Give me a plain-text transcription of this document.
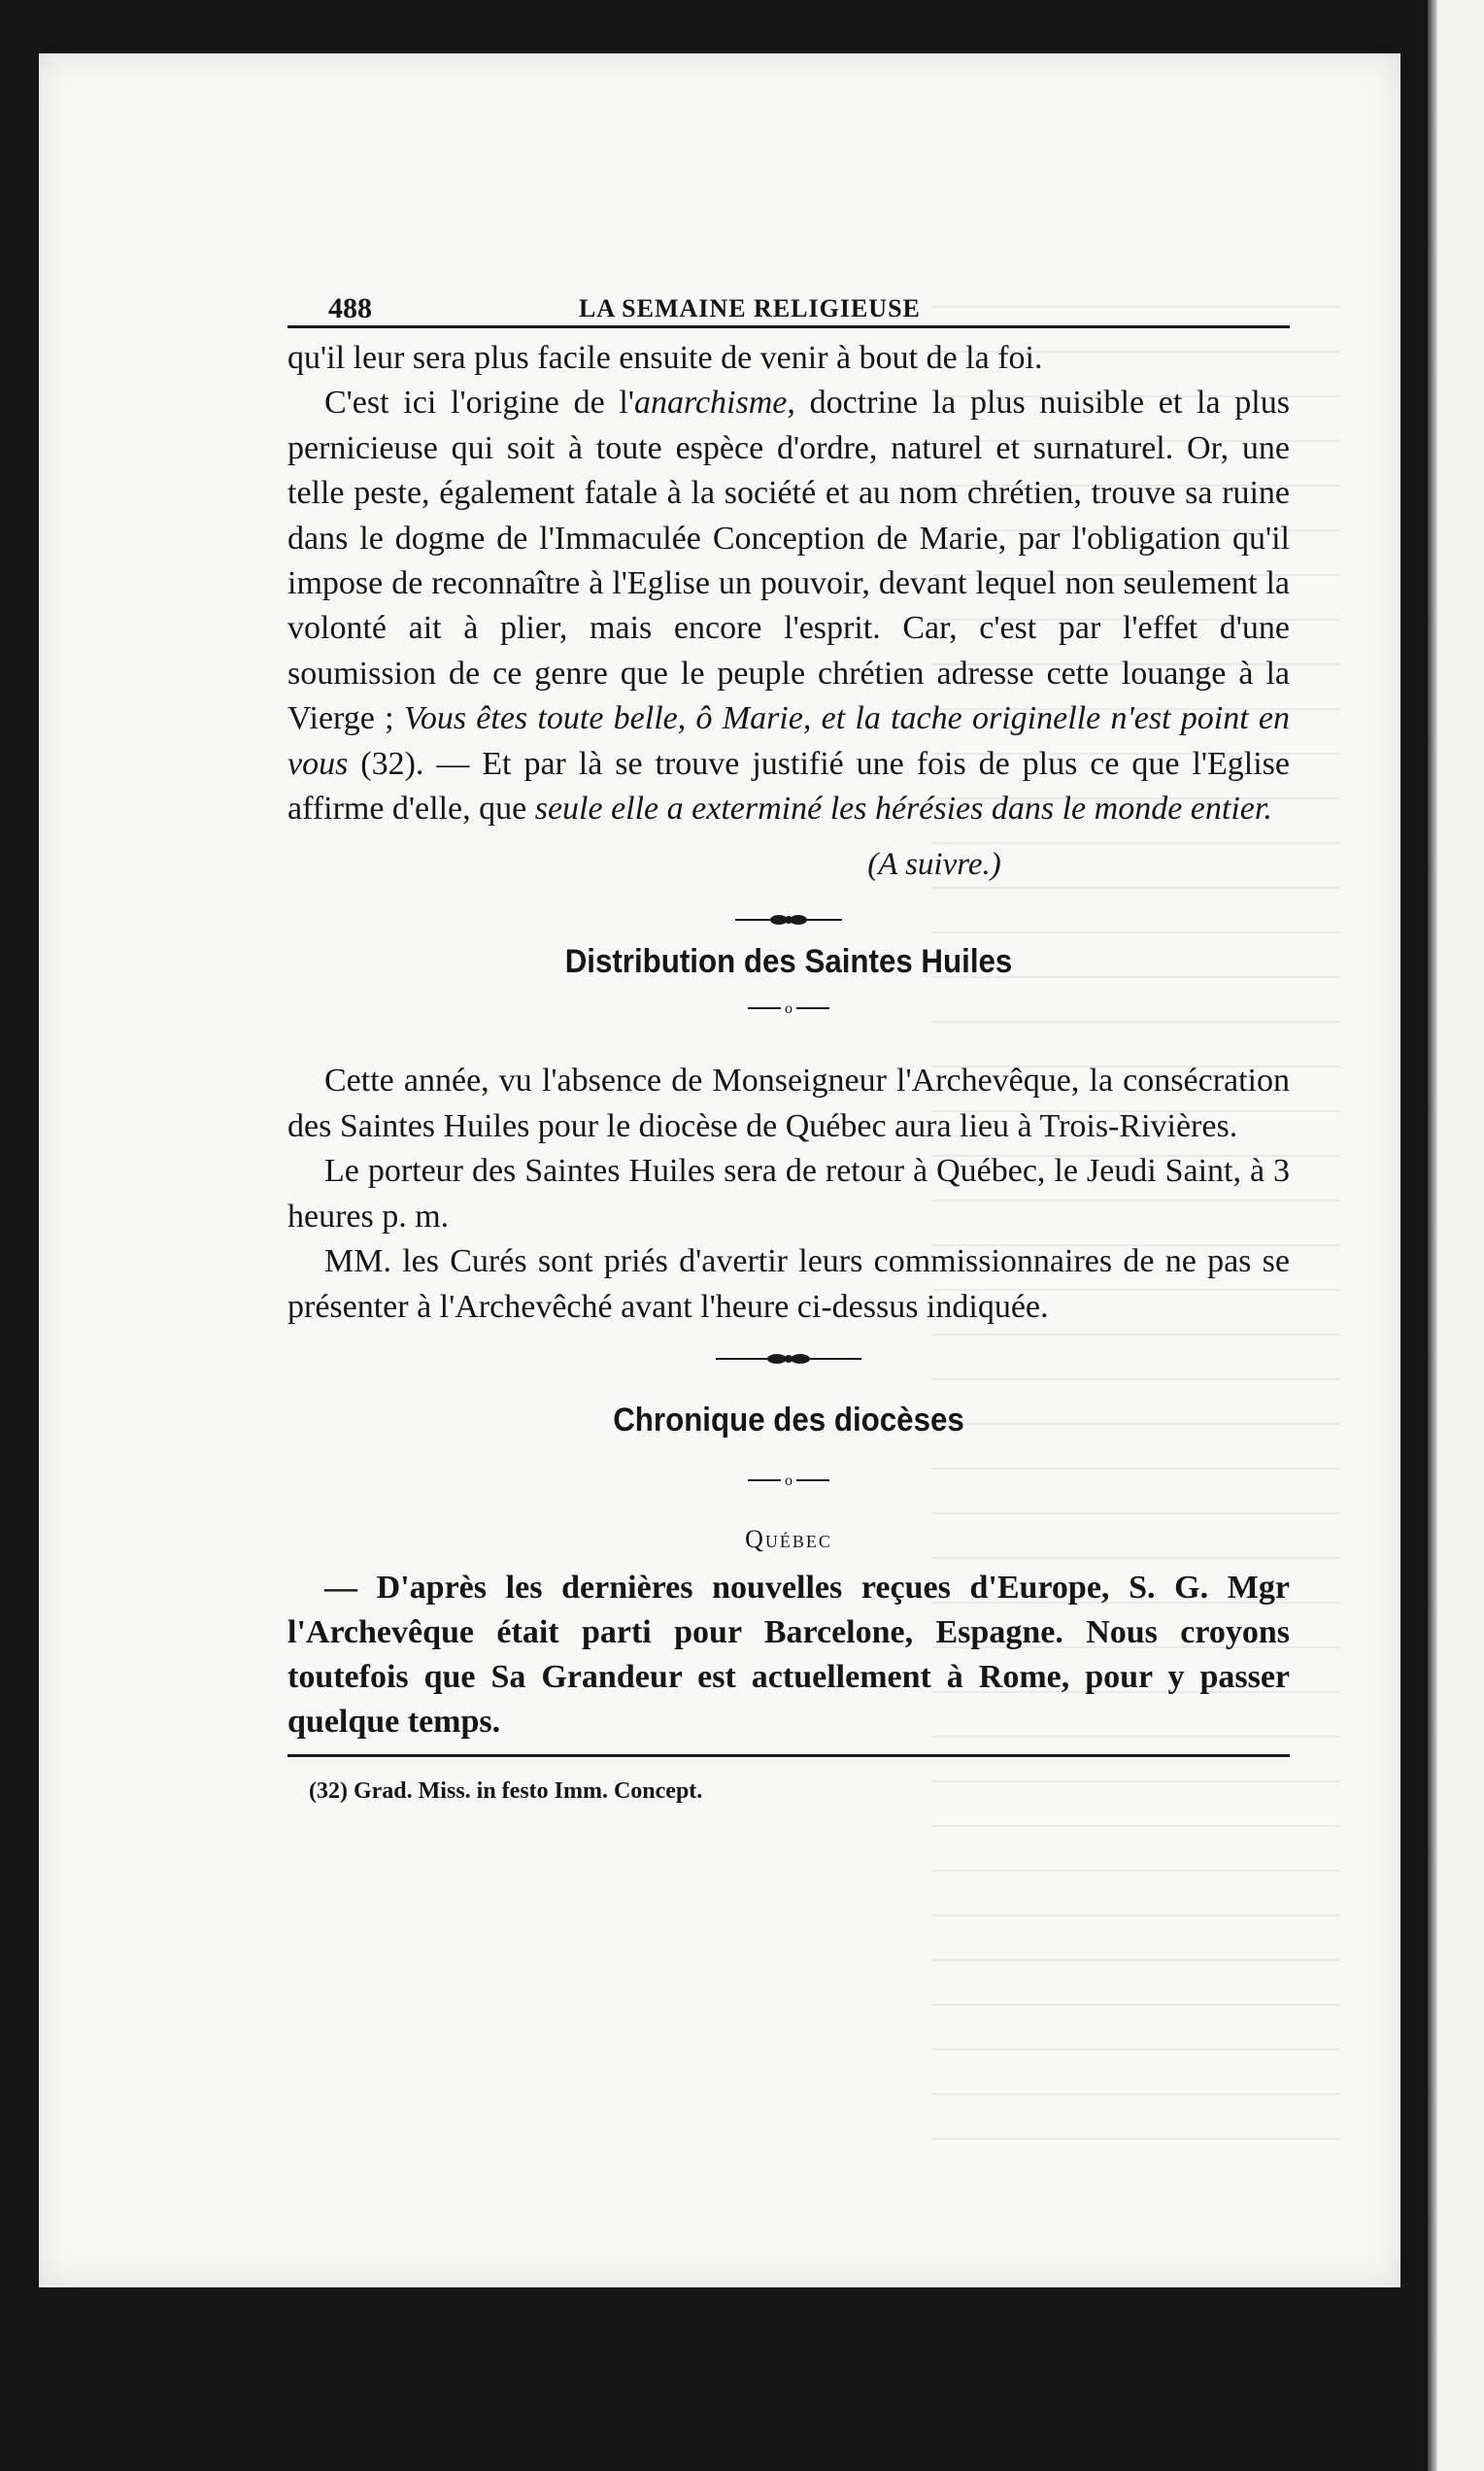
488	LA SEMAINE RELIGIEUSE

qu'il leur sera plus facile ensuite de venir à bout de la foi.

C'est ici l'origine de l'anarchisme, doctrine la plus nuisible et la plus pernicieuse qui soit à toute espèce d'ordre, naturel et surnaturel. Or, une telle peste, également fatale à la société et au nom chrétien, trouve sa ruine dans le dogme de l'Immaculée Conception de Marie, par l'obligation qu'il impose de reconnaître à l'Eglise un pouvoir, devant lequel non seulement la volonté ait à plier, mais encore l'esprit. Car, c'est par l'effet d'une soumission de ce genre que le peuple chrétien adresse cette louange à la Vierge ; Vous êtes toute belle, ô Marie, et la tache originelle n'est point en vous (32). — Et par là se trouve justifié une fois de plus ce que l'Eglise affirme d'elle, que seule elle a exterminé les hérésies dans le monde entier.

(A suivre.)

Distribution des Saintes Huiles
o

Cette année, vu l'absence de Monseigneur l'Archevêque, la consécration des Saintes Huiles pour le diocèse de Québec aura lieu à Trois-Rivières.

Le porteur des Saintes Huiles sera de retour à Québec, le Jeudi Saint, à 3 heures p. m.

MM. les Curés sont priés d'avertir leurs commissionnaires de ne pas se présenter à l'Archevêché avant l'heure ci-dessus indiquée.

Chronique des diocèses
o

Québec

— D'après les dernières nouvelles reçues d'Europe, S. G. Mgr l'Archevêque était parti pour Barcelone, Espagne. Nous croyons toutefois que Sa Grandeur est actuellement à Rome, pour y passer quelque temps.

(32) Grad. Miss. in festo Imm. Concept.
